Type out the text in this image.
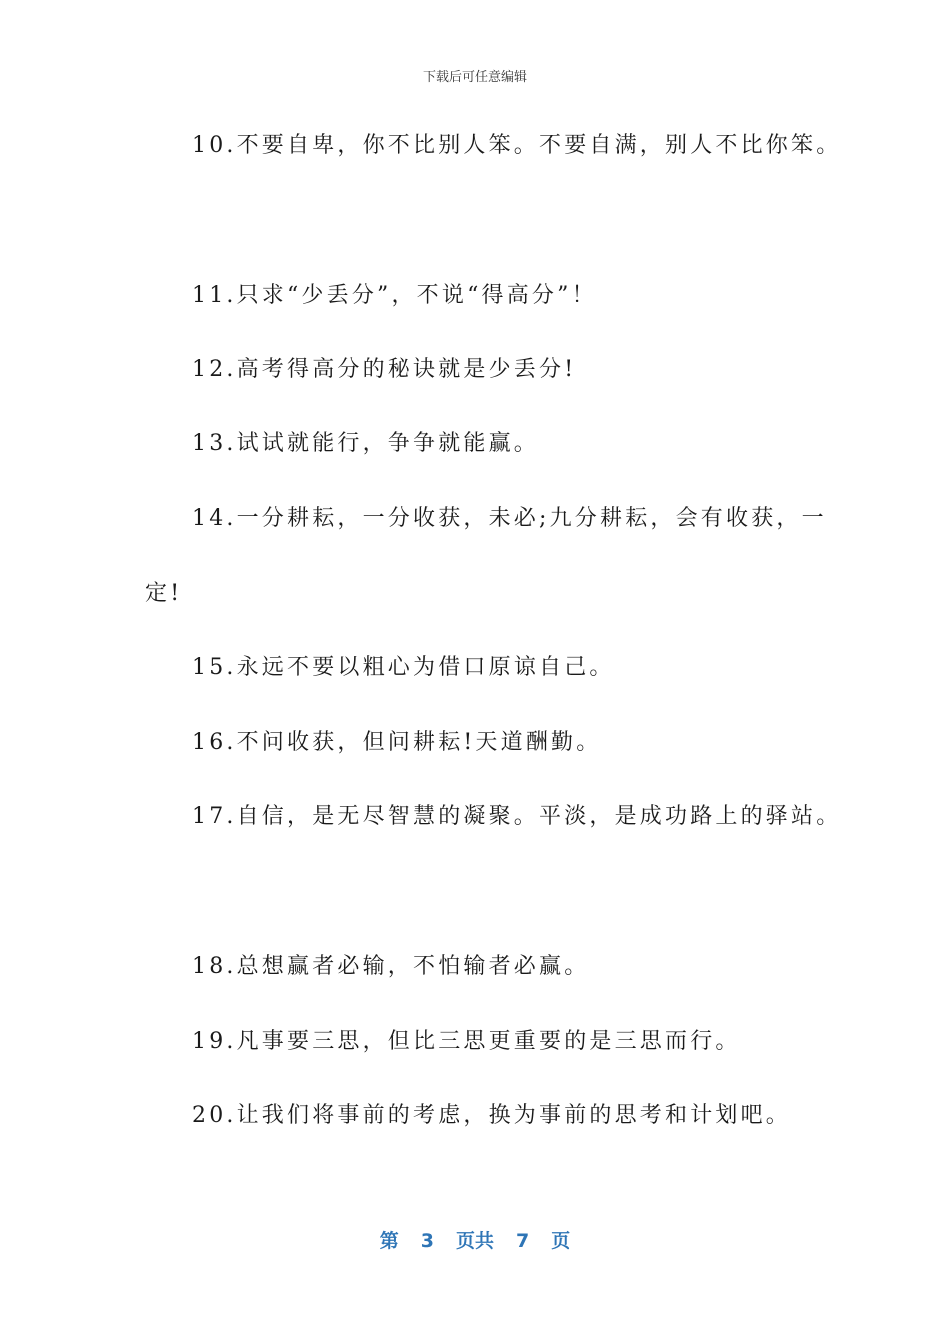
下载后可任意编辑
10.不要自卑，你不比别人笨。不要自满，别人不比你笨。
11.只求“少丢分”，不说“得高分”！
12.高考得高分的秘诀就是少丢分!
13.试试就能行，争争就能赢。
14.一分耕耘，一分收获，未必;九分耕耘，会有收获，一
定!
15.永远不要以粗心为借口原谅自己。
16.不问收获，但问耕耘!天道酬勤。
17.自信，是无尽智慧的凝聚。平淡，是成功路上的驿站。
18.总想赢者必输，不怕输者必赢。
19.凡事要三思，但比三思更重要的是三思而行。
20.让我们将事前的考虑，换为事前的思考和计划吧。
第 3 页共 7 页
